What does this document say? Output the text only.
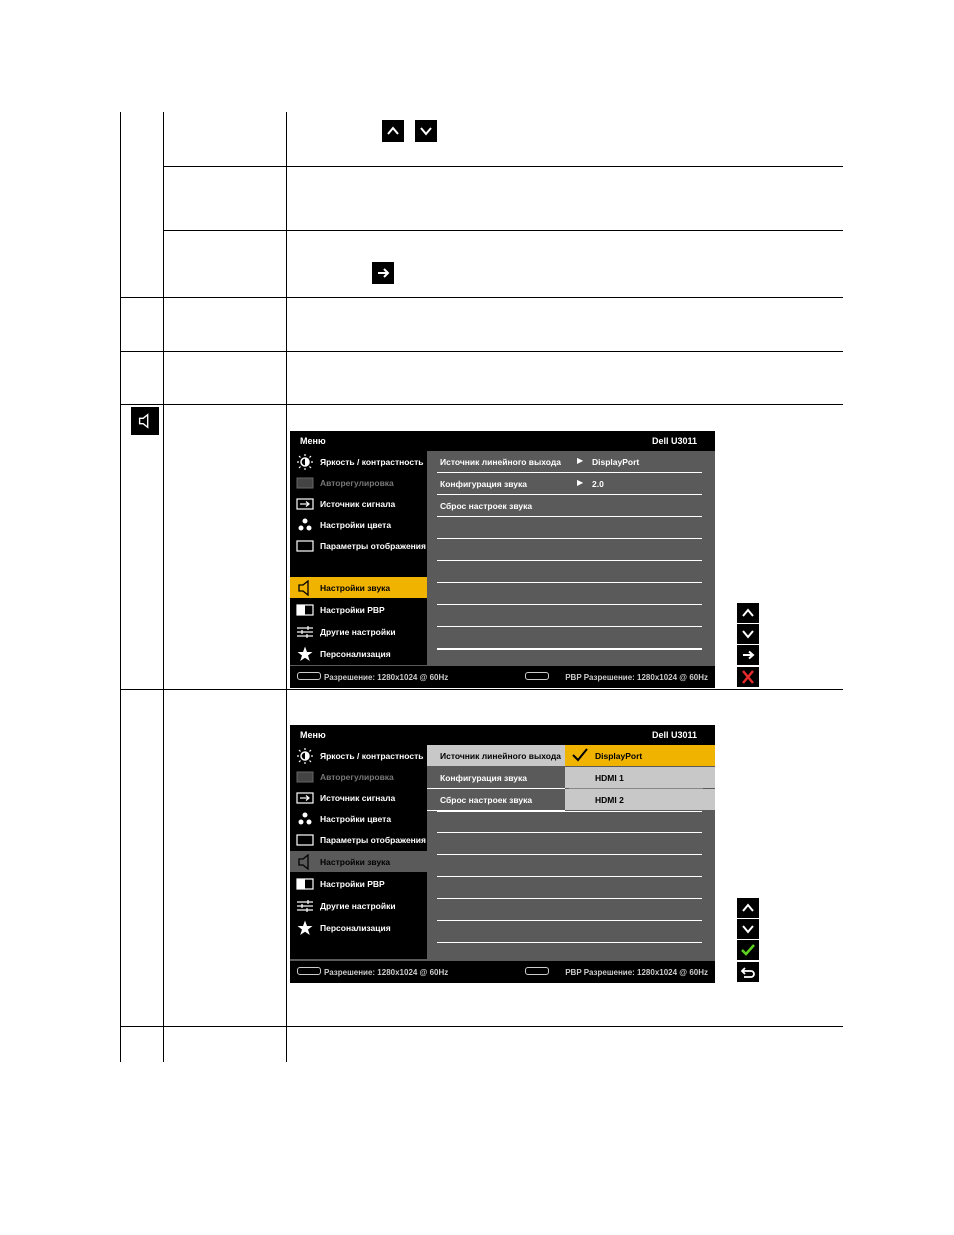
Меню	Dell U3011
Яркость / контрастность
Авторегулировка
Источник сигнала
Настройки цвета
Параметры отображения
Настройки звука
Настройки PBP
Другие настройки
Персонализация
Источник линейного выхода ▶ DisplayPort
Конфигурация звука	▶ 2.0
Сброс настроек звука
Разрешение: 1280x1024 @ 60Hz	PBP Разрешение: 1280x1024 @ 60Hz
Меню	Dell U3011
Яркость / контрастность
Авторегулировка
Источник сигнала
Настройки цвета
Параметры отображения
Настройки звука
Настройки PBP
Другие настройки
Персонализация
Источник линейного выхода
Конфигурация звука
Сброс настроек звука
DisplayPort
HDMI 1
HDMI 2
Разрешение: 1280x1024 @ 60Hz	PBP Разрешение: 1280x1024 @ 60Hz
